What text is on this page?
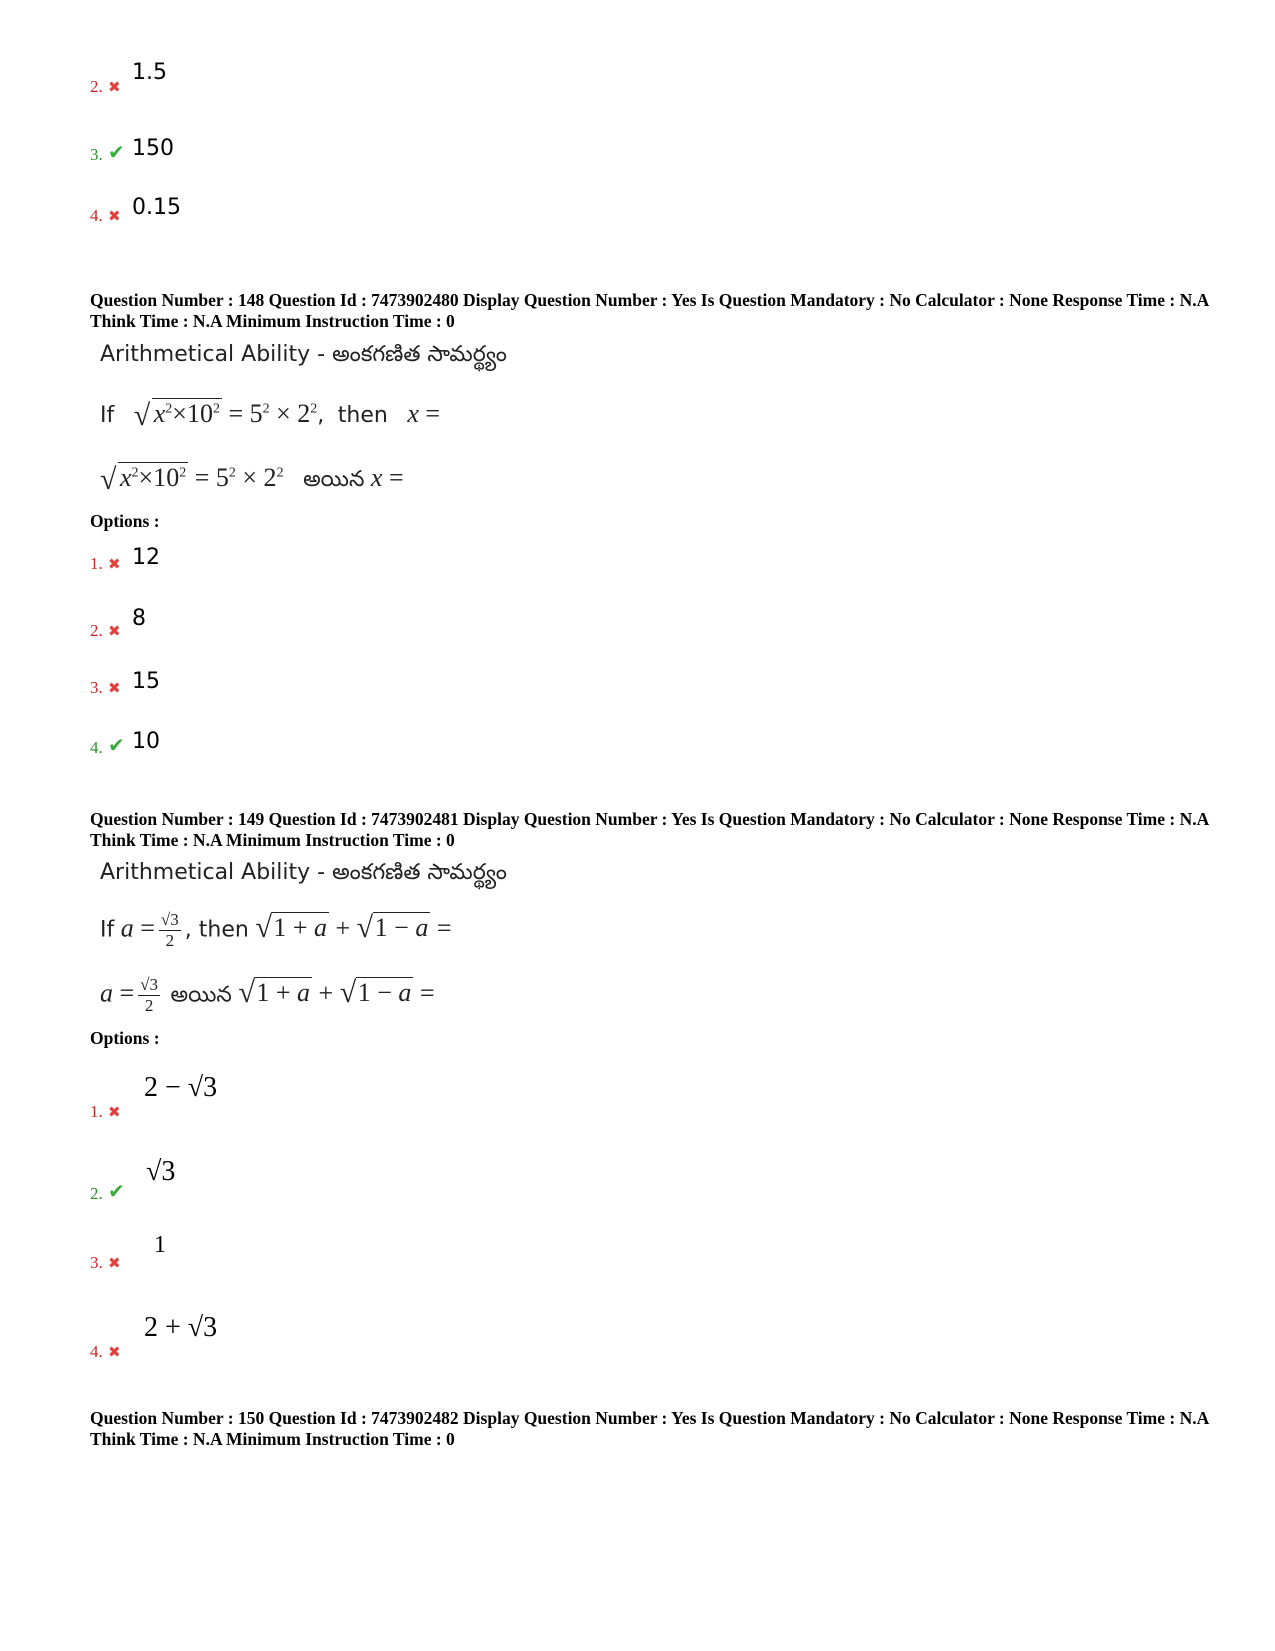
2. ✖
1.5
3. ✔ 150
4. ✖ 0.15
Question Number : 148 Question Id : 7473902480 Display Question Number : Yes Is Question Mandatory : No Calculator : None Response Time : N.A Think Time : N.A Minimum Instruction Time : 0
Arithmetical Ability - అంకగణిత సామర్థ్యం
If √ $x^2\times 10^2 = 5^2 \times 2^2$,  then x =
√ $x^2\times 10^2 = 5^2 \times 2^2$ అయిన x =
Options :
1. ✖ 12
2. ✖
8
3. ✖ 15
4. ✔ 10
Question Number : 149 Question Id : 7473902481 Display Question Number : Yes Is Question Mandatory : No Calculator : None Response Time : N.A Think Time : N.A Minimum Instruction Time : 0
Arithmetical Ability - అంకగణిత సామర్థ్యం
If $a = \frac{√3}{2}$ , then √ 1 + a + √ 1 − a =
$a = \frac{√3}{2}$ అయిన √ 1 + a + √ 1 − a =
Options :
1. ✖
2 − √3
2. ✔
√3
3. ✖
1
4. ✖
2 + √3
Question Number : 150 Question Id : 7473902482 Display Question Number : Yes Is Question Mandatory : No Calculator : None Response Time : N.A Think Time : N.A Minimum Instruction Time : 0
